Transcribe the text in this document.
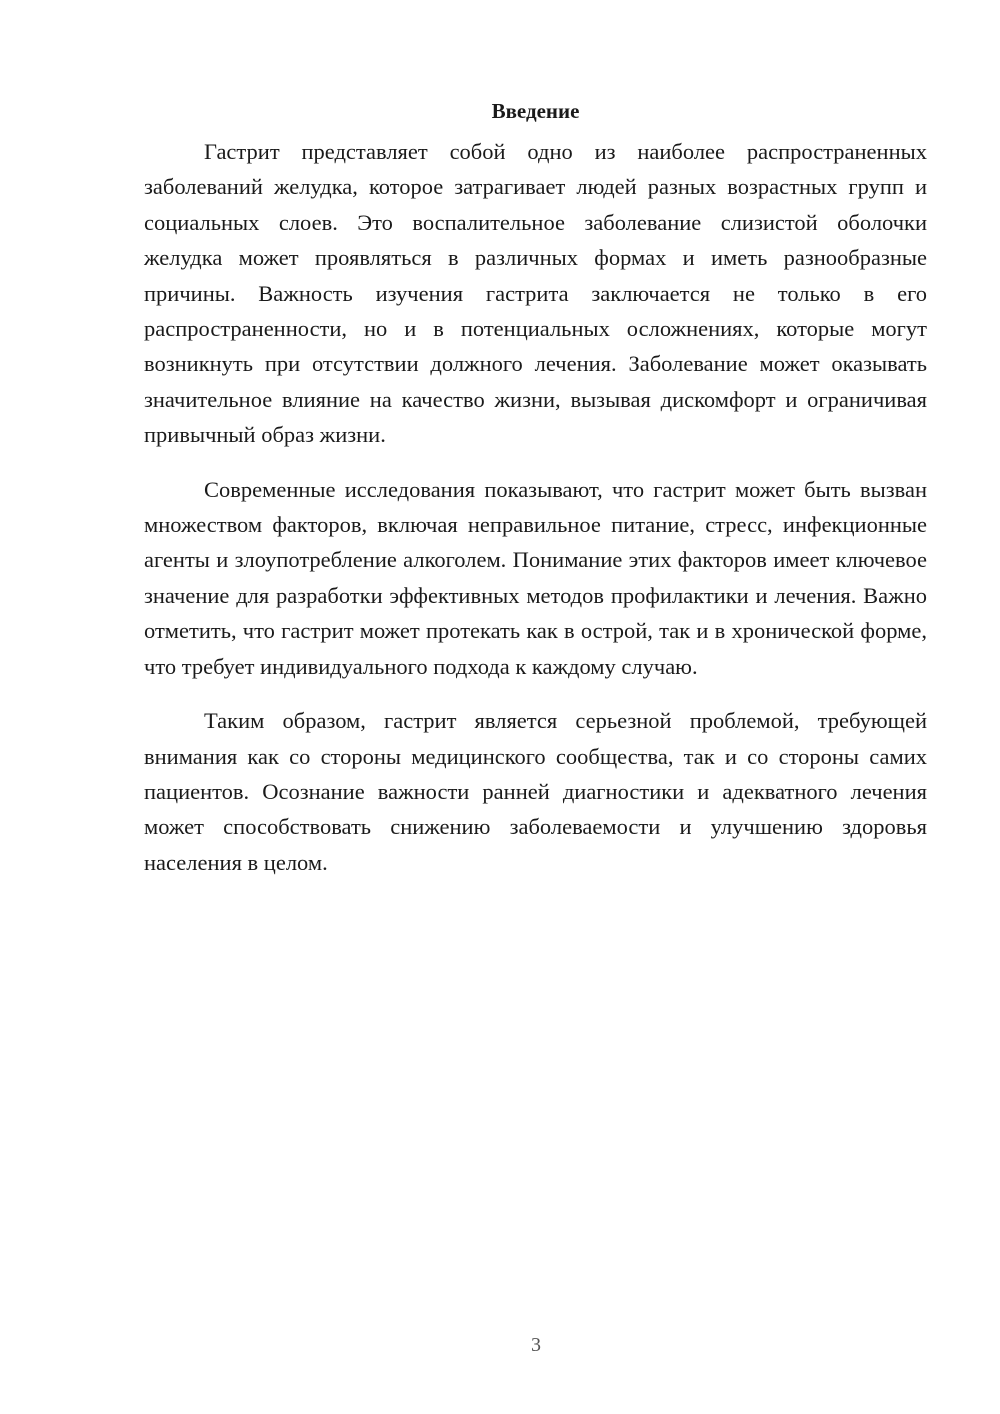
Введение

Гастрит представляет собой одно из наиболее распространенных заболеваний желудка, которое затрагивает людей разных возрастных групп и социальных слоев. Это воспалительное заболевание слизистой оболочки желудка может проявляться в различных формах и иметь разнообразные причины. Важность изучения гастрита заключается не только в его распространенности, но и в потенциальных осложнениях, которые могут возникнуть при отсутствии должного лечения. Заболевание может оказывать значительное влияние на качество жизни, вызывая дискомфорт и ограничивая привычный образ жизни.

Современные исследования показывают, что гастрит может быть вызван множеством факторов, включая неправильное питание, стресс, инфекционные агенты и злоупотребление алкоголем. Понимание этих факторов имеет ключевое значение для разработки эффективных методов профилактики и лечения. Важно отметить, что гастрит может протекать как в острой, так и в хронической форме, что требует индивидуального подхода к каждому случаю.

Таким образом, гастрит является серьезной проблемой, требующей внимания как со стороны медицинского сообщества, так и со стороны самих пациентов. Осознание важности ранней диагностики и адекватного лечения может способствовать снижению заболеваемости и улучшению здоровья населения в целом.

3
